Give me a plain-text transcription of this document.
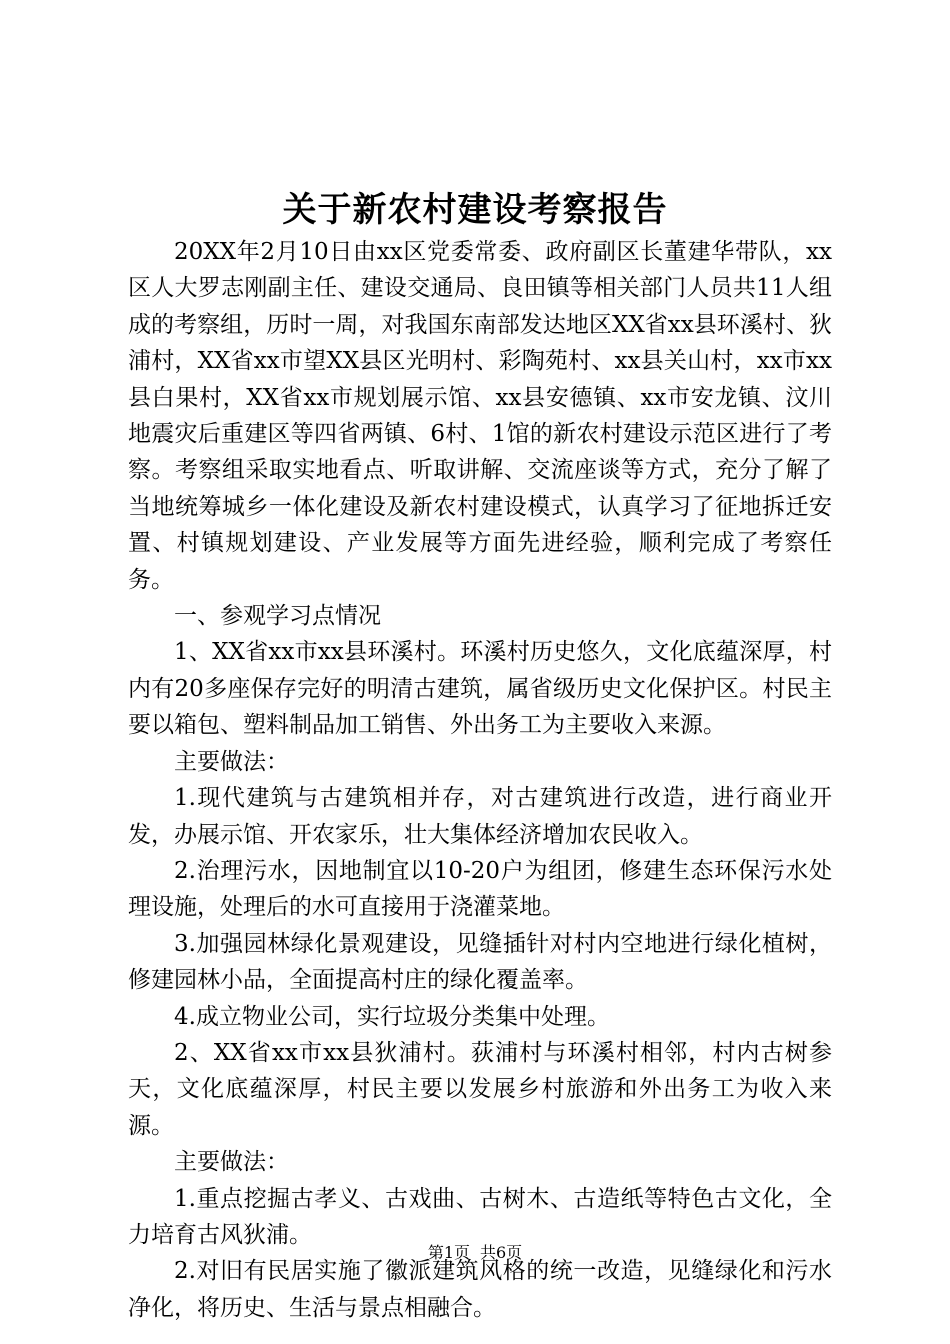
关于新农村建设考察报告

20XX年2月10日由xx区党委常委、政府副区长董建华带队，xx区人大罗志刚副主任、建设交通局、良田镇等相关部门人员共11人组成的考察组，历时一周，对我国东南部发达地区XX省xx县环溪村、狄浦村，XX省xx市望XX县区光明村、彩陶苑村、xx县关山村，xx市xx县白果村，XX省xx市规划展示馆、xx县安德镇、xx市安龙镇、汶川地震灾后重建区等四省两镇、6村、1馆的新农村建设示范区进行了考察。考察组采取实地看点、听取讲解、交流座谈等方式，充分了解了当地统筹城乡一体化建设及新农村建设模式，认真学习了征地拆迁安置、村镇规划建设、产业发展等方面先进经验，顺利完成了考察任务。

一、参观学习点情况

1、XX省xx市xx县环溪村。环溪村历史悠久，文化底蕴深厚，村内有20多座保存完好的明清古建筑，属省级历史文化保护区。村民主要以箱包、塑料制品加工销售、外出务工为主要收入来源。

主要做法：

1.现代建筑与古建筑相并存，对古建筑进行改造，进行商业开发，办展示馆、开农家乐，壮大集体经济增加农民收入。

2.治理污水，因地制宜以10-20户为组团，修建生态环保污水处理设施，处理后的水可直接用于浇灌菜地。

3.加强园林绿化景观建设，见缝插针对村内空地进行绿化植树，修建园林小品，全面提高村庄的绿化覆盖率。

4.成立物业公司，实行垃圾分类集中处理。

2、XX省xx市xx县狄浦村。荻浦村与环溪村相邻，村内古树参天，文化底蕴深厚，村民主要以发展乡村旅游和外出务工为收入来源。

主要做法：

1.重点挖掘古孝义、古戏曲、古树木、古造纸等特色古文化，全力培育古风狄浦。

2.对旧有民居实施了徽派建筑风格的统一改造，见缝绿化和污水净化，将历史、生活与景点相融合。

第1页 共6页
